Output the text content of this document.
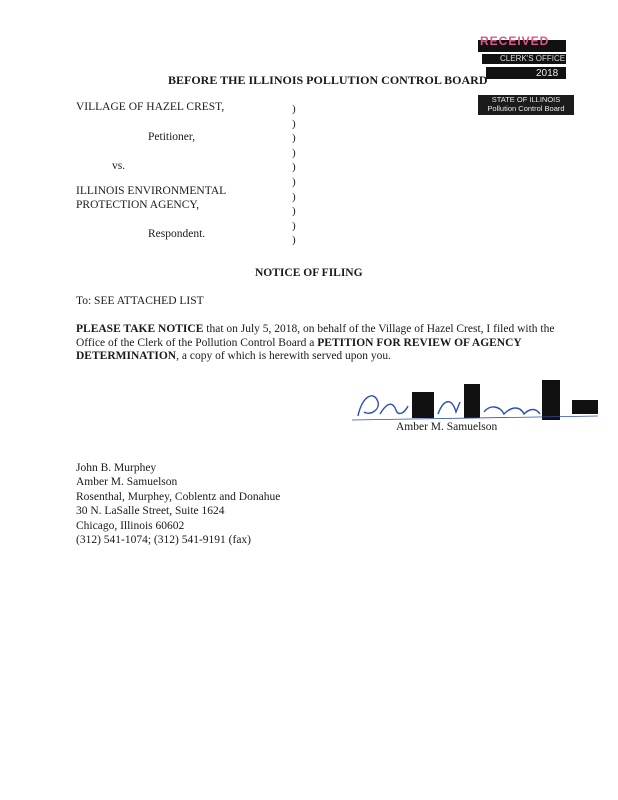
RECEIVED
CLERK'S OFFICE
2018
STATE OF ILLINOIS
Pollution Control Board
BEFORE THE ILLINOIS POLLUTION CONTROL BOARD
VILLAGE OF HAZEL CREST,
Petitioner,
vs.
ILLINOIS ENVIRONMENTAL
PROTECTION AGENCY,
Respondent.
)
)
)
)
)
)
)
)
)
)
NOTICE OF FILING
To: SEE ATTACHED LIST
PLEASE TAKE NOTICE that on July 5, 2018, on behalf of the Village of Hazel Crest, I filed with the Office of the Clerk of the Pollution Control Board a PETITION FOR REVIEW OF AGENCY DETERMINATION, a copy of which is herewith served upon you.
Amber M. Samuelson
John B. Murphey
Amber M. Samuelson
Rosenthal, Murphey, Coblentz and Donahue
30 N. LaSalle Street, Suite 1624
Chicago, Illinois 60602
(312) 541-1074; (312) 541-9191 (fax)
